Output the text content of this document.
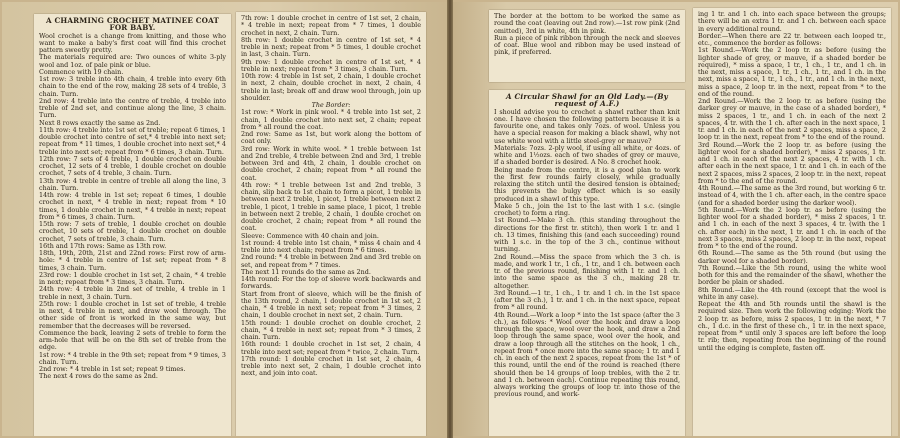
A CHARMING CROCHET MATINEE COAT FOR BABY.

Wool crochet is a change from knitting, and those who want to make a baby's first coat will find this crochet pattern sweetly pretty.

The materials required are: Two ounces of white 3-ply wool and 1oz. of pale pink or blue.

Commence with 19 chain.

1st row: 3 treble into 4th chain, 4 treble into every 6th chain to the end of the row, making 28 sets of 4 treble, 3 chain. Turn.

2nd row: 4 treble into the centre of treble, 4 treble into treble of 2nd set, and continue along the line, 3 chain. Turn.

Next 8 rows exactly the same as 2nd.

11th row: 4 treble into 1st set of treble; repeat 6 times, 1 double crochet into centre of set,* 4 treble into next set; repeat from * 11 times, 1 double crochet into next set,* 4 treble into next set; repeat from * 6 times, 3 chain. Turn.

12th row: 7 sets of 4 treble, 1 double crochet on double crochet, 12 sets of 4 treble, 1 double crochet on double crochet, 7 sets of 4 treble, 3 chain. Turn.

13th row: 4 treble in centre of treble all along the line, 3 chain. Turn.

14th row: 4 treble in 1st set; repeat 6 times, 1 double crochet in next, * 4 treble in next; repeat from * 10 times, 1 double crochet in next, * 4 treble in next; repeat from * 6 times, 3 chain. Turn.

15th row: 7 sets of treble, 1 double crochet on double crochet, 10 sets of treble, 1 double crochet on double crochet, 7 sets of treble, 3 chain. Turn.

16th and 17th rows: Same as 13th row.

18th, 19th, 20th, 21st and 22nd rows: First row of arm-hole: * 4 treble in centre of 1st set; repeat from * 8 times, 3 chain. Turn.

23rd row: 1 double crochet in 1st set, 2 chain, * 4 treble in next; repeat from * 3 times, 3 chain. Turn.

24th row: 4 treble in 2nd set of treble, 4 treble in 1 treble in next, 3 chain. Turn.

25th row: 1 double crochet in 1st set of treble, 4 treble in next, 4 treble in next, and draw wool through. The other side of front is worked in the same way, but remember that the decreases will be reversed.

Commence the back, leaving 2 sets of treble to form the arm-hole that will be on the 8th set of treble from the edge.

1st row: * 4 treble in the 9th set; repeat from * 9 times, 3 chain. Turn.

2nd row: * 4 treble in 1st set; repeat 9 times.

The next 4 rows do the same as 2nd.

7th row: 1 double crochet in centre of 1st set, 2 chain, * 4 treble in next; repeat from * 7 times, 1 double crochet in next, 2 chain. Turn.

8th row: 1 double crochet in centre of 1st set, * 4 treble in next; repeat from * 5 times, 1 double crochet in last, 3 chain. Turn.

9th row: 1 double crochet in centre of 1st set, * 4 treble in next; repeat from * 3 times, 3 chain. Turn.

10th row: 4 treble in 1st set, 2 chain, 1 double crochet in next, 2 chain, double crochet in next, 2 chain, 4 treble in last; break off and draw wool through, join up shoulder.

The Border:

1st row: * Work in pink wool. * 4 treble into 1st set, 2 chain, 1 double crochet into next set, 2 chain; repeat from * all round the coat.

2nd row: Same as 1st, but work along the bottom of coat only.

3rd row: Work in white wool. * 1 treble between 1st and 2nd treble, 4 treble between 2nd and 3rd, 1 treble between 3rd and 4th, 2 chain, 1 double crochet on double crochet, 2 chain; repeat from * all round the coat.

4th row: * 1 treble between 1st and 2nd treble, 3 chain, slip back to 1st chain to form a picot, 1 treble in between next 2 treble, 1 picot, 1 treble between next 2 treble, 1 picot, 1 treble in same place, 1 picot, 1 treble in between next 2 treble, 2 chain, 1 double crochet on double crochet, 2 chain; repeat from * all round the coat.

Sleeve: Commence with 40 chain and join.

1st round: 4 treble into 1st chain, * miss 4 chain and 4 treble into next chain; repeat from * 6 times.

2nd round: * 4 treble in between 2nd and 3rd treble on set, and repeat from * 7 times.

The next 11 rounds do the same as 2nd.

14th round: For the top of sleeve work backwards and forwards.

Start from front of sleeve, which will be the finish of the 13th round, 2 chain, 1 double crochet in 1st set, 2 chain, * 4 treble in next set; repeat from * 3 times, 2 chain, 1 double crochet in next set, 2 chain. Turn.

15th round: 1 double crochet on double crochet, 2 chain, * 4 treble in next set; repeat from * 3 times, 2 chain. Turn.

16th round: 1 double crochet in 1st set, 2 chain, 4 treble into next set; repeat from * twice, 2 chain. Turn.

17th round: 1 double crochet in 1st set, 2 chain, 4 treble into next set, 2 chain, 1 double crochet into next, and join into coat.

The border at the bottom to be worked the same as round the coat (leaving out 2nd row).—1st row pink (2nd omitted), 3rd in white, 4th in pink.

Run a piece of pink ribbon through the neck and sleeves of coat. Blue wool and ribbon may be used instead of pink, if preferred.

A Circular Shawl for an Old Lady.—(By request of A.F.)

I should advise you to crochet a shawl rather than knit one. I have chosen the following pattern because it is a favourite one, and takes only 7ozs. of wool. Unless you have a special reason for making a black shawl, why not use white wool with a little steel-grey or mauve?

Materials: 7ozs. 2-ply wool, if using all white, or 4ozs. of white and 1½ozs. each of two shades of grey or mauve, if a shaded border is desired. A No. 8 crochet hook.

Being made from the centre, it is a good plan to work the first few rounds fairly closely, while gradually relaxing the stitch until the desired tension is obtained; this prevents the bulgy effect which is so easily produced in a shawl of this type.

Make 5 ch., join the 1st to the last with 1 s.c. (single crochet) to form a ring.

1st Round.—Make 3 ch. (this standing throughout the directions for the first tr. stitch), then work 1 tr. and 1 ch. 13 times, finishing this (and each succeeding) round with 1 s.c. in the top of the 3 ch., continue without turning.

2nd Round.—Miss the space from which the 3 ch. is made, and work 1 tr., 1 ch., 1 tr., and 1 ch. between each tr. of the previous round, finishing with 1 tr. and 1 ch. into the same space as the 3 ch., making 28 tr. altogether.

3rd Round.—1 tr., 1 ch., 1 tr. and 1 ch. in the 1st space (after the 3 ch.), 1 tr. and 1 ch. in the next space, repeat from * all round.

4th Round.—Work a loop * into the 1st space (after the 3 ch.), as follows: * Wool over the hook and draw a loop through the space, wool over the hook, and draw a 2nd loop through the same space, wool over the hook, and draw a loop through all the stitches on the hook, 1 ch., repeat from * once more into the same space; 1 tr. and 1 ch. in each of the next 2 spaces, repeat from the 1st * of this round, until the end of the round is reached (there should then be 14 groups of loop trebles, with the 2 tr. and 1 ch. between each). Continue repeating this round, always working the groups of loop tr. into those of the previous round, and work-

ing 1 tr. and 1 ch. into each space between the groups; there will be an extra 1 tr. and 1 ch. between each space in every additional round.

Border.—When there are 22 tr. between each looped tr., etc., commence the border as follows:

1st Round.—Work the 2 loop tr. as before (using the lighter shade of grey, or mauve, if a shaded border be required), * miss a space, 1 tr., 1 ch., 1 tr., and 1 ch. in the next, miss a space, 1 tr., 1 ch., 1 tr., and 1 ch. in the next, miss a space, 1 tr., 1 ch., 1 tr., and 1 ch. in the next, miss a space, 2 loop tr. in the next, repeat from * to the end of the round.

2nd Round.—Work the 2 loop tr. as before (using the darker grey or mauve, in the case of a shaded border), * miss 2 spaces, 1 tr., and 1 ch. in each of the next 2 spaces, 4 tr. with the 1 ch. after each in the next space, 1 tr. and 1 ch. in each of the next 2 spaces, miss a space, 2 loop tr. in the next, repeat from * to the end of the round.

3rd Round.—Work the 2 loop tr. as before (using the lighter wool for a shaded border), * miss 2 spaces, 1 tr. and 1 ch. in each of the next 2 spaces, 4 tr. with 1 ch. after each in the next space, 1 tr. and 1 ch. in each of the next 2 spaces, miss 2 spaces, 2 loop tr. in the next, repeat from * to the end of the round.

4th Round.—The same as the 3rd round, but working 6 tr. instead of 4, with the 1 ch. after each, in the centre space (and for a shaded border using the darker wool).

5th Round.—Work the 2 loop tr. as before (using the lighter wool for a shaded border), * miss 2 spaces, 1 tr. and 1 ch. in each of the next 3 spaces, 4 tr. (with the 1 ch. after each) in the next, 1 tr. and 1 ch. in each of the next 3 spaces, miss 2 spaces, 2 loop tr. in the next, repeat from * to the end of the round.

6th Round.—The same as the 5th round (but using the darker wool for a shaded border).

7th Round.—Like the 5th round, using the white wool both for this and the remainder of the shawl, whether the border be plain or shaded.

8th Round.—Like the 4th round (except that the wool is white in any case).

Repeat the 4th and 5th rounds until the shawl is the required size. Then work the following edging: Work the 2 loop tr. as before, miss 2 spaces, 1 tr. in the next, * 7 ch., 1 d.c. in the first of these ch., 1 tr. in the next space, repeat from * until only 3 spaces are left before the loop tr. rib; then, repeating from the beginning of the round until the edging is complete, fasten off.
